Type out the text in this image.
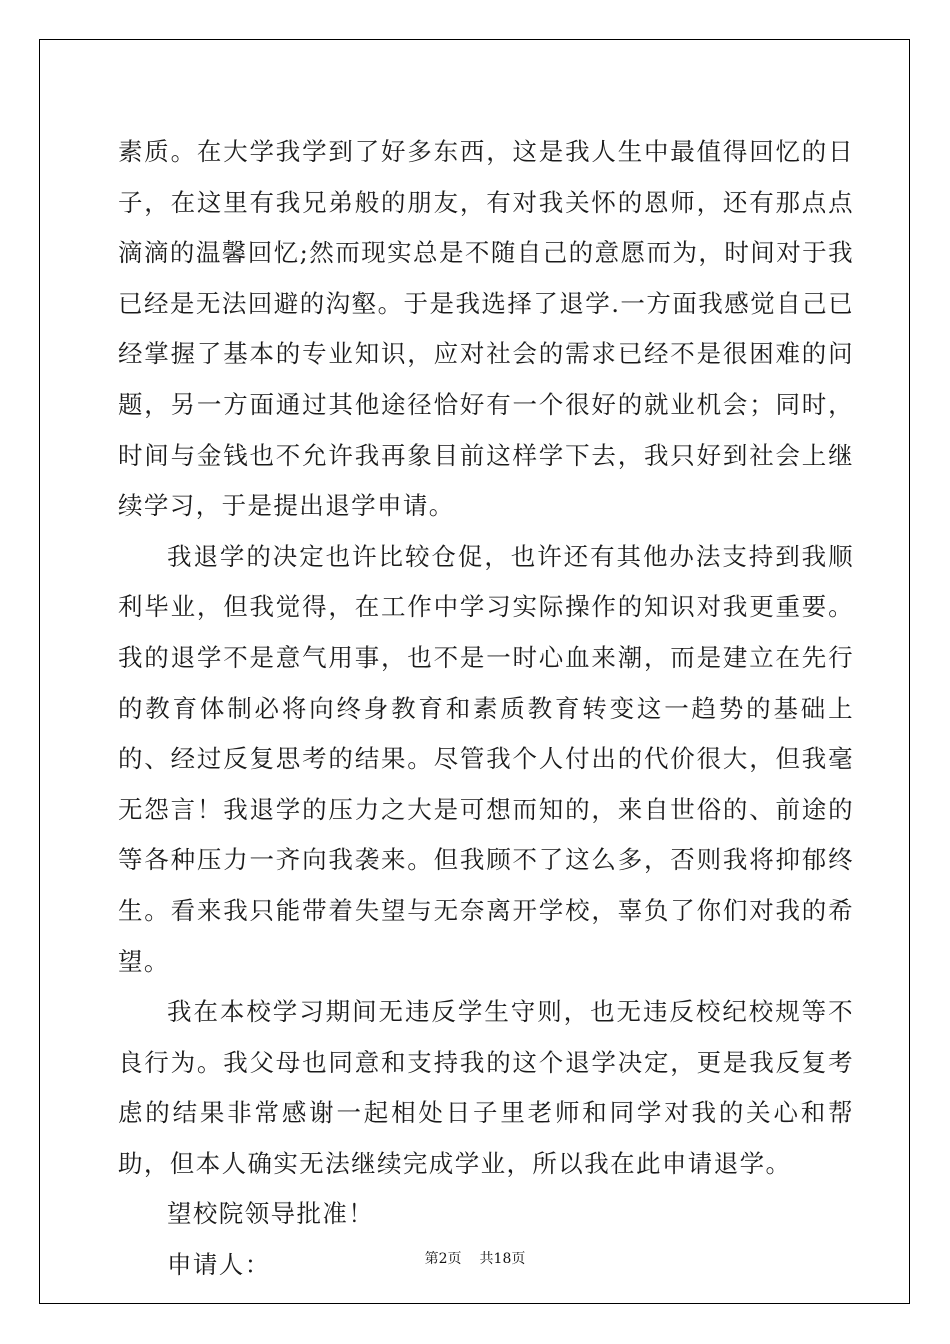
素质。在大学我学到了好多东西，这是我人生中最值得回忆的日子，在这里有我兄弟般的朋友，有对我关怀的恩师，还有那点点滴滴的温馨回忆;然而现实总是不随自己的意愿而为，时间对于我已经是无法回避的沟壑。于是我选择了退学.一方面我感觉自己已经掌握了基本的专业知识，应对社会的需求已经不是很困难的问题，另一方面通过其他途径恰好有一个很好的就业机会；同时，时间与金钱也不允许我再象目前这样学下去，我只好到社会上继续学习，于是提出退学申请。

我退学的决定也许比较仓促，也许还有其他办法支持到我顺利毕业，但我觉得，在工作中学习实际操作的知识对我更重要。我的退学不是意气用事，也不是一时心血来潮，而是建立在先行的教育体制必将向终身教育和素质教育转变这一趋势的基础上的、经过反复思考的结果。尽管我个人付出的代价很大，但我毫无怨言！我退学的压力之大是可想而知的，来自世俗的、前途的等各种压力一齐向我袭来。但我顾不了这么多，否则我将抑郁终生。看来我只能带着失望与无奈离开学校，辜负了你们对我的希望。

我在本校学习期间无违反学生守则，也无违反校纪校规等不良行为。我父母也同意和支持我的这个退学决定，更是我反复考虑的结果非常感谢一起相处日子里老师和同学对我的关心和帮助，但本人确实无法继续完成学业，所以我在此申请退学。

望校院领导批准！

申请人：	第2页 共18页
